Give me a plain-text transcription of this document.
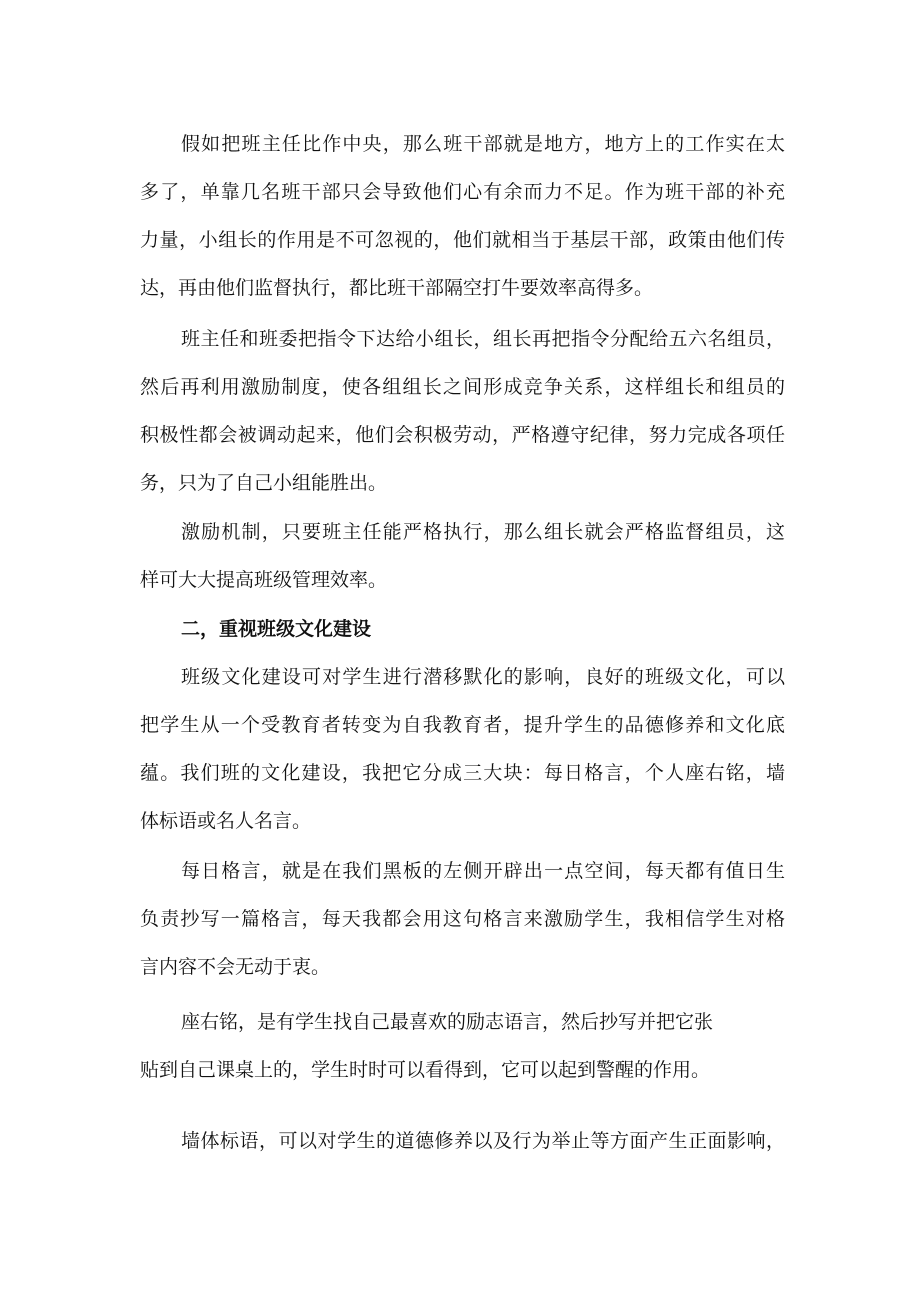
假如把班主任比作中央，那么班干部就是地方，地方上的工作实在太
多了，单靠几名班干部只会导致他们心有余而力不足。作为班干部的补充
力量，小组长的作用是不可忽视的，他们就相当于基层干部，政策由他们传
达，再由他们监督执行，都比班干部隔空打牛要效率高得多。
班主任和班委把指令下达给小组长，组长再把指令分配给五六名组员，
然后再利用激励制度，使各组组长之间形成竞争关系，这样组长和组员的
积极性都会被调动起来，他们会积极劳动，严格遵守纪律，努力完成各项任
务，只为了自己小组能胜出。
激励机制，只要班主任能严格执行，那么组长就会严格监督组员，这
样可大大提高班级管理效率。
二，重视班级文化建设
班级文化建设可对学生进行潜移默化的影响，良好的班级文化，可以
把学生从一个受教育者转变为自我教育者，提升学生的品德修养和文化底
蕴。我们班的文化建设，我把它分成三大块：每日格言，个人座右铭，墙
体标语或名人名言。
每日格言，就是在我们黑板的左侧开辟出一点空间，每天都有值日生
负责抄写一篇格言，每天我都会用这句格言来激励学生，我相信学生对格
言内容不会无动于衷。
座右铭，是有学生找自己最喜欢的励志语言，然后抄写并把它张
贴到自己课桌上的，学生时时可以看得到，它可以起到警醒的作用。
墙体标语，可以对学生的道德修养以及行为举止等方面产生正面影响，
